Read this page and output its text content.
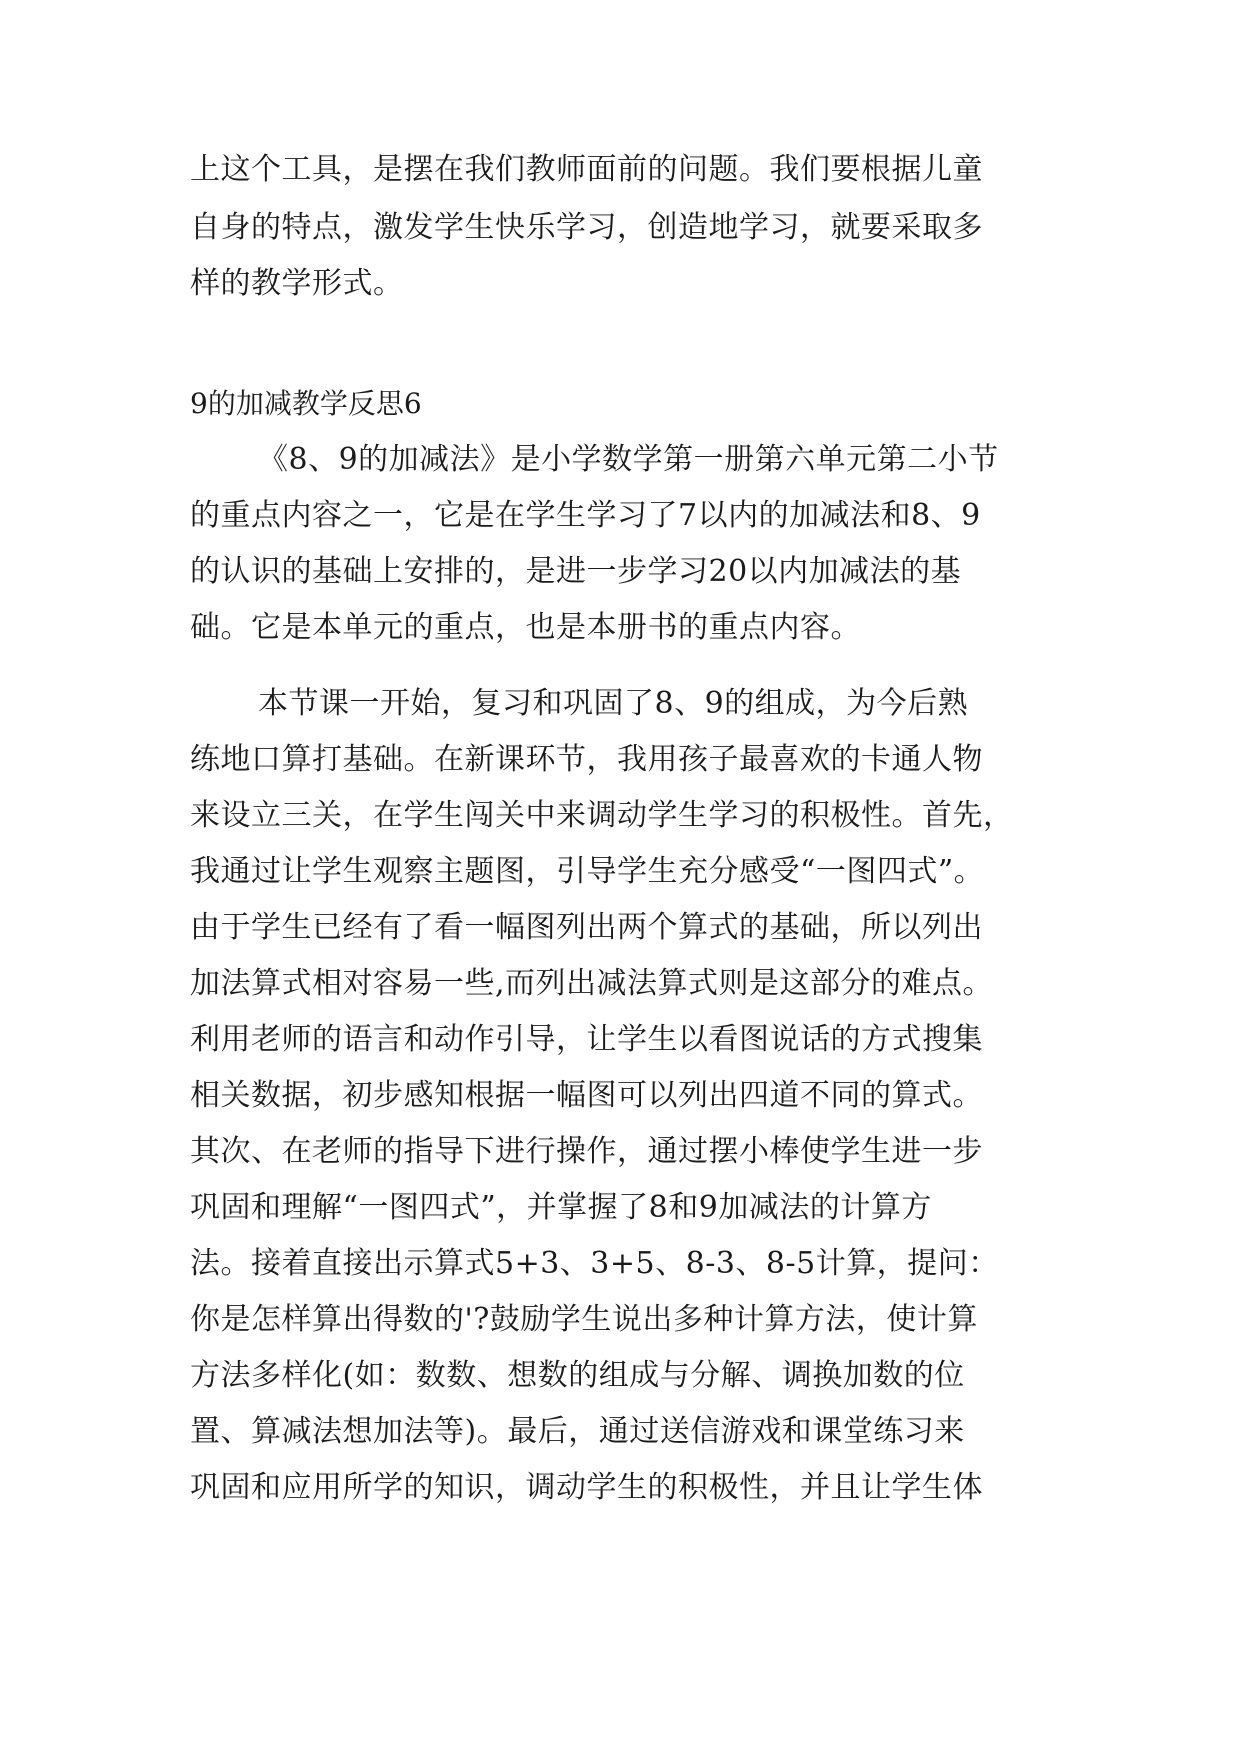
上这个工具，是摆在我们教师面前的问题。我们要根据儿童
自身的特点，激发学生快乐学习，创造地学习，就要采取多
样的教学形式。
9的加减教学反思6
《8、9的加减法》是小学数学第一册第六单元第二小节
的重点内容之一，它是在学生学习了7以内的加减法和8、9
的认识的基础上安排的，是进一步学习20以内加减法的基
础。它是本单元的重点，也是本册书的重点内容。
本节课一开始，复习和巩固了8、9的组成，为今后熟
练地口算打基础。在新课环节，我用孩子最喜欢的卡通人物
来设立三关，在学生闯关中来调动学生学习的积极性。首先，
我通过让学生观察主题图，引导学生充分感受“一图四式”。
由于学生已经有了看一幅图列出两个算式的基础，所以列出
加法算式相对容易一些,而列出减法算式则是这部分的难点。
利用老师的语言和动作引导，让学生以看图说话的方式搜集
相关数据，初步感知根据一幅图可以列出四道不同的算式。
其次、在老师的指导下进行操作，通过摆小棒使学生进一步
巩固和理解“一图四式”，并掌握了8和9加减法的计算方
法。接着直接出示算式5+3、3+5、8-3、8-5计算，提问：
你是怎样算出得数的'?鼓励学生说出多种计算方法，使计算
方法多样化(如：数数、想数的组成与分解、调换加数的位
置、算减法想加法等)。最后，通过送信游戏和课堂练习来
巩固和应用所学的知识，调动学生的积极性，并且让学生体
